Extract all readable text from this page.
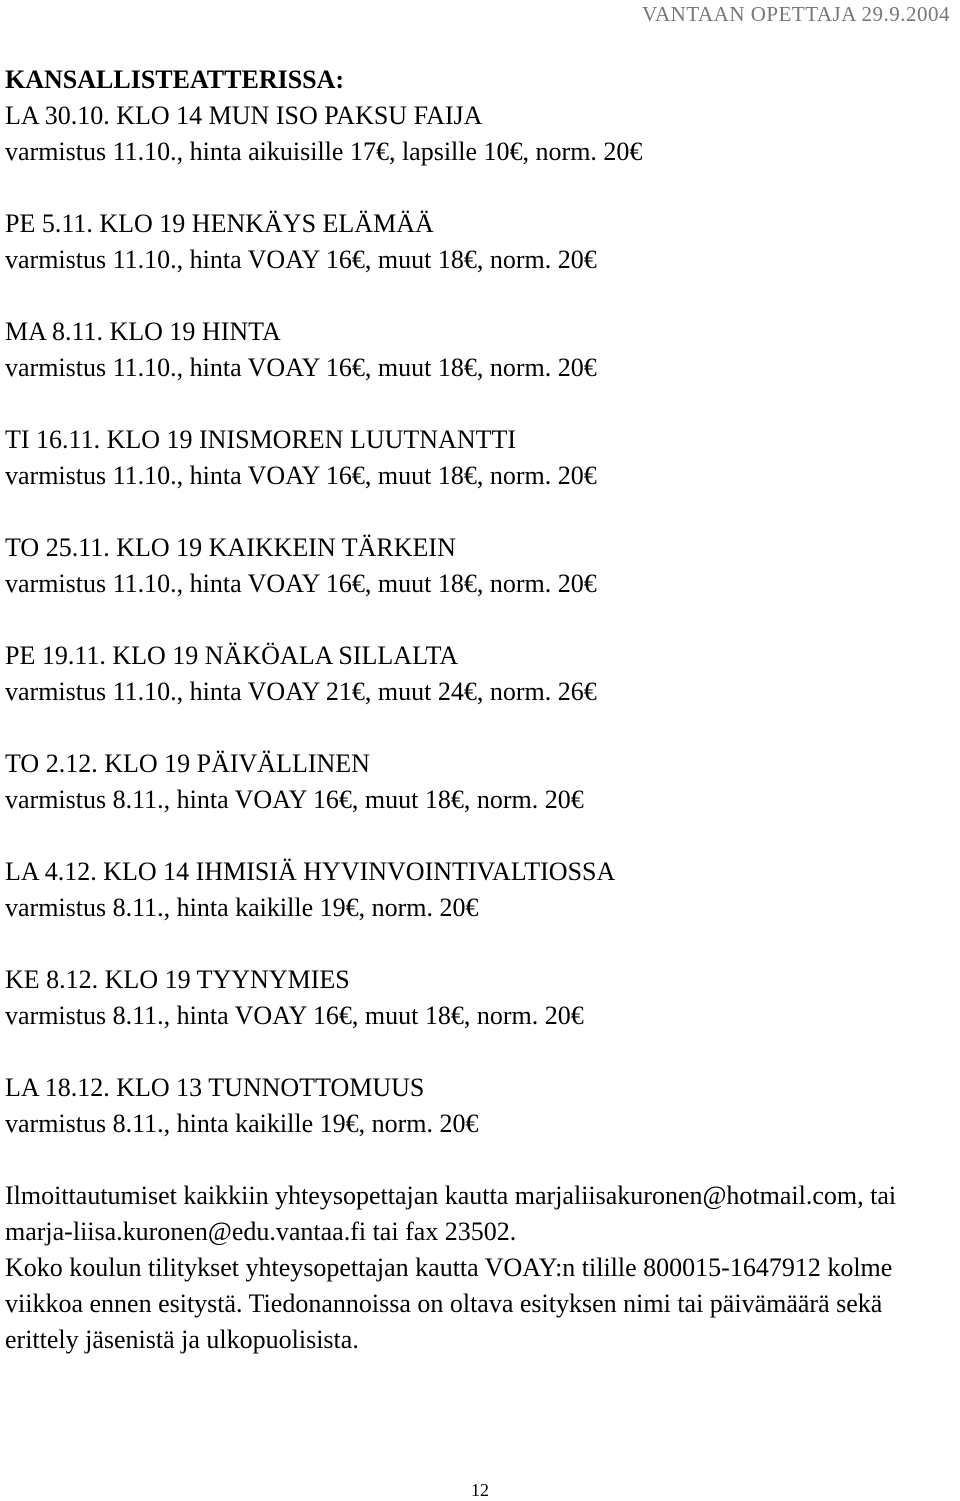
VANTAAN OPETTAJA 29.9.2004
KANSALLISTEATTERISSA:
LA 30.10. KLO 14 MUN ISO PAKSU FAIJA
varmistus 11.10., hinta aikuisille 17€, lapsille 10€, norm. 20€
PE 5.11. KLO 19 HENKÄYS ELÄMÄÄ
varmistus 11.10., hinta VOAY 16€, muut 18€, norm. 20€
MA 8.11. KLO 19 HINTA
varmistus 11.10., hinta VOAY 16€, muut 18€, norm. 20€
TI 16.11. KLO 19 INISMOREN LUUTNANTTI
varmistus 11.10., hinta VOAY 16€, muut 18€, norm. 20€
TO 25.11. KLO 19 KAIKKEIN TÄRKEIN
varmistus 11.10., hinta VOAY 16€, muut 18€, norm. 20€
PE 19.11. KLO 19 NÄKÖALA SILLALTA
varmistus 11.10., hinta VOAY 21€, muut 24€, norm. 26€
TO 2.12. KLO 19 PÄIVÄLLINEN
varmistus 8.11., hinta VOAY 16€, muut 18€, norm. 20€
LA 4.12. KLO 14 IHMISIÄ HYVINVOINTIVALTIOSSA
varmistus 8.11., hinta kaikille 19€, norm. 20€
KE 8.12. KLO 19 TYYNYMIES
varmistus 8.11., hinta VOAY 16€, muut 18€, norm. 20€
LA 18.12. KLO 13 TUNNOTTOMUUS
varmistus 8.11., hinta kaikille 19€, norm. 20€
Ilmoittautumiset kaikkiin yhteysopettajan kautta marjaliisakuronen@hotmail.com, tai marja-liisa.kuronen@edu.vantaa.fi tai fax 23502.
Koko koulun tilitykset yhteysopettajan kautta VOAY:n tilille 800015-1647912 kolme viikkoa ennen esitystä. Tiedonannoissa on oltava esityksen nimi tai päivämäärä sekä erittely jäsenistä ja ulkopuolisista.
12
